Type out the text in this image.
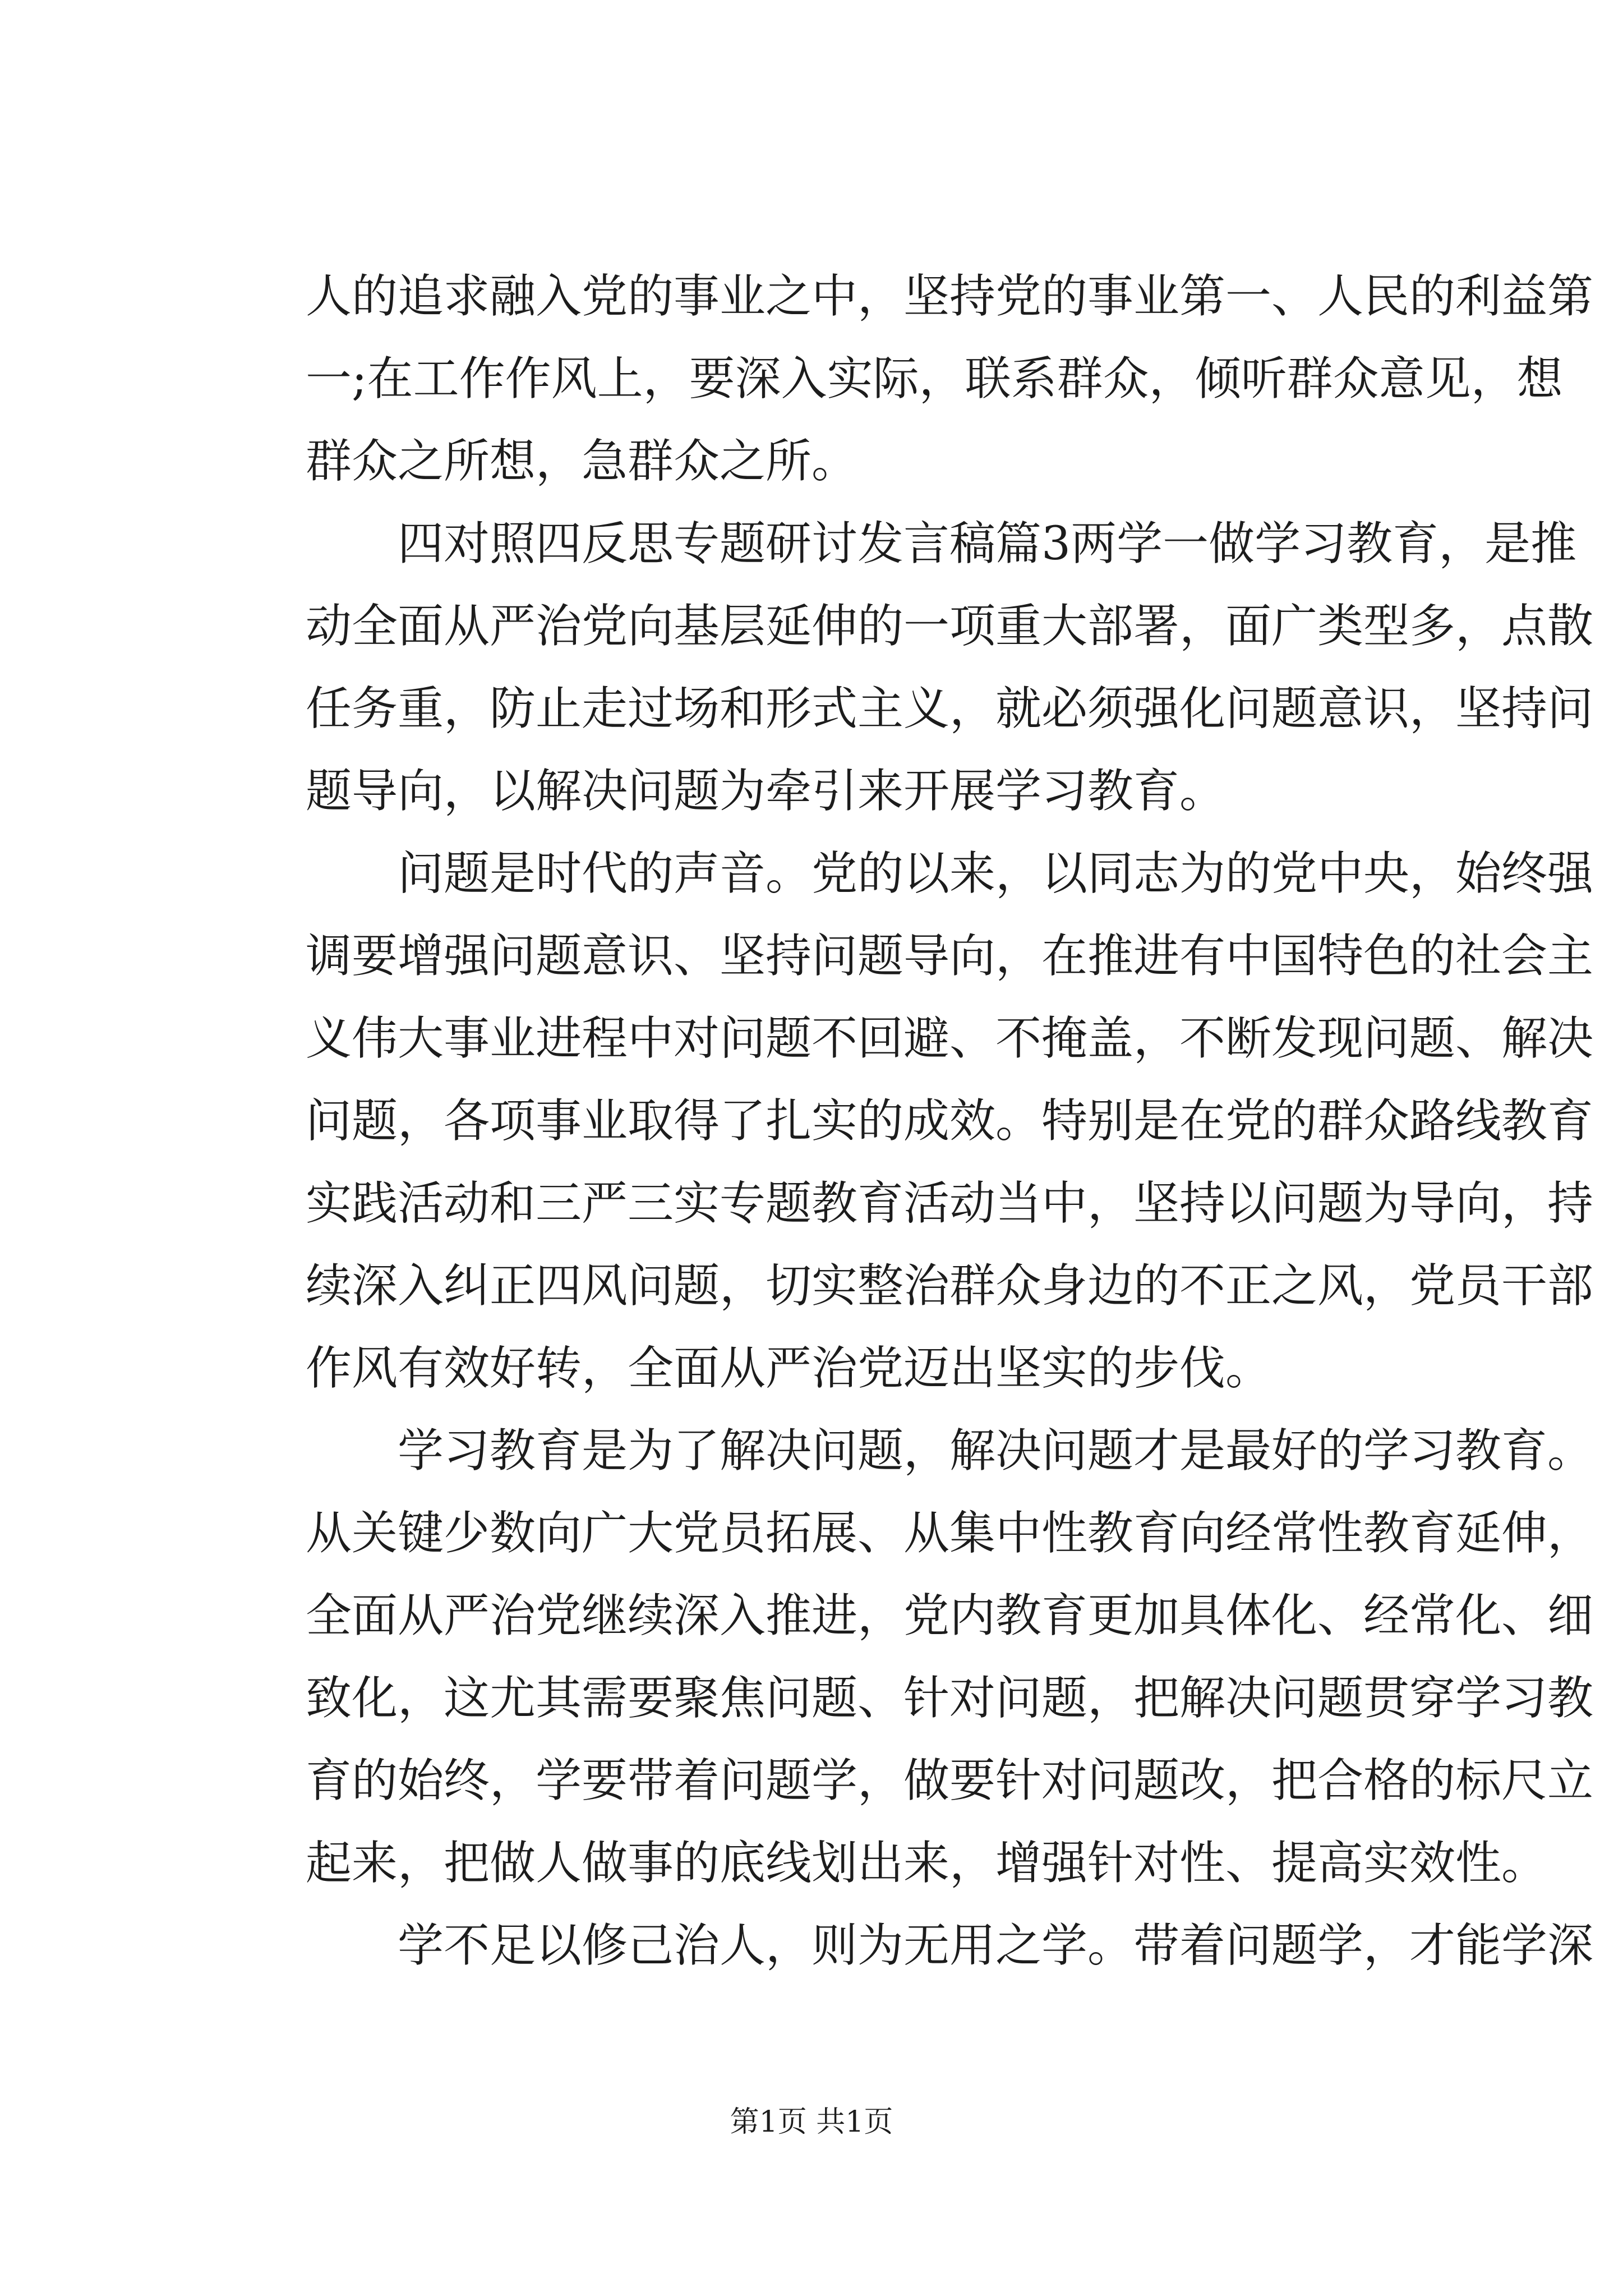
人的追求融入党的事业之中，坚持党的事业第一、人民的利益第
一;在工作作风上，要深入实际，联系群众，倾听群众意见，想
群众之所想，急群众之所。
　　四对照四反思专题研讨发言稿篇3两学一做学习教育，是推
动全面从严治党向基层延伸的一项重大部署，面广类型多，点散
任务重，防止走过场和形式主义，就必须强化问题意识，坚持问
题导向，以解决问题为牵引来开展学习教育。
　　问题是时代的声音。党的以来，以同志为的党中央，始终强
调要增强问题意识、坚持问题导向，在推进有中国特色的社会主
义伟大事业进程中对问题不回避、不掩盖，不断发现问题、解决
问题，各项事业取得了扎实的成效。特别是在党的群众路线教育
实践活动和三严三实专题教育活动当中，坚持以问题为导向，持
续深入纠正四风问题，切实整治群众身边的不正之风，党员干部
作风有效好转，全面从严治党迈出坚实的步伐。
　　学习教育是为了解决问题，解决问题才是最好的学习教育。
从关键少数向广大党员拓展、从集中性教育向经常性教育延伸，
全面从严治党继续深入推进，党内教育更加具体化、经常化、细
致化，这尤其需要聚焦问题、针对问题，把解决问题贯穿学习教
育的始终，学要带着问题学，做要针对问题改，把合格的标尺立
起来，把做人做事的底线划出来，增强针对性、提高实效性。
　　学不足以修己治人，则为无用之学。带着问题学，才能学深
第1页 共1页
